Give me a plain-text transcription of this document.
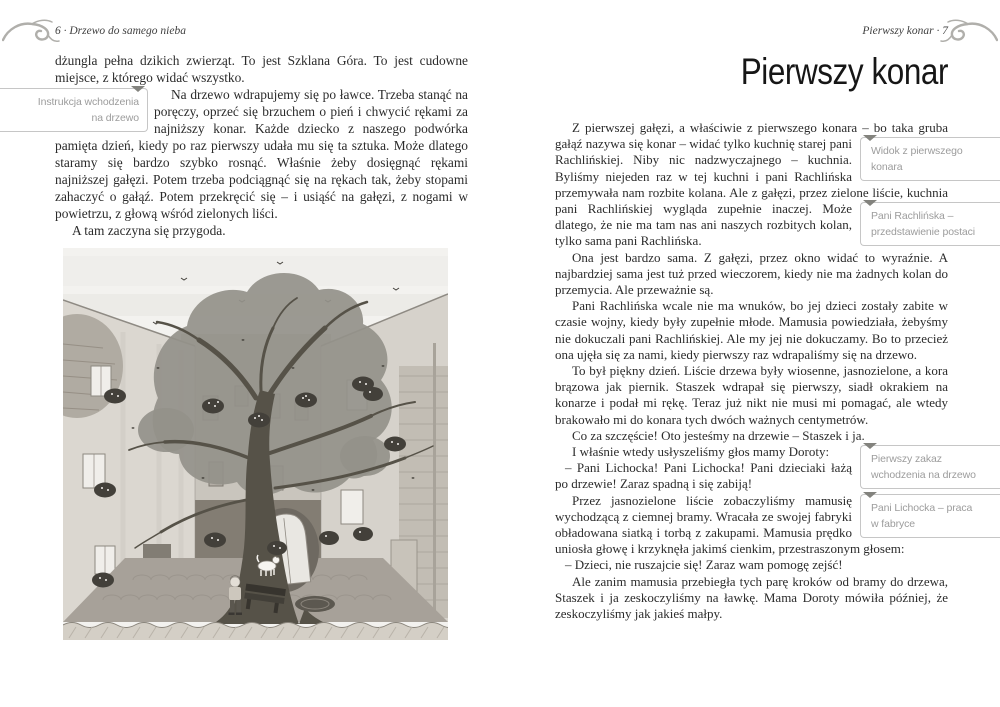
6 · Drzewo do samego nieba	Pierwszy konar · 7

dżungla pełna dzikich zwierząt. To jest Szklana Góra. To jest cudowne miejsce, z którego widać wszystko.

Instrukcja wchodzenia na drzewo
Na drzewo wdrapujemy się po ławce. Trzeba stanąć na poręczy, oprzeć się brzuchem o pień i chwycić rękami za najniższy konar. Każde dziecko z naszego podwórka pamięta dzień, kiedy po raz pierwszy udała mu się ta sztuka. Może dlatego staramy się bardzo szybko rosnąć. Właśnie żeby dosięgnąć rękami najniższej gałęzi. Potem trzeba podciągnąć się na rękach tak, żeby stopami zahaczyć o gałąź. Potem przekręcić się – i usiąść na gałęzi, z nogami w powietrzu, z głową wśród zielonych liści.

A tam zaczyna się przygoda.

Pierwszy konar

Z pierwszej gałęzi, a właściwie z pierwszego konara – bo taka gruba gałąź nazywa się konar – widać tylko kuchnię starej	Widok z pierwszego konara
pani Rachlińskiej. Niby nic nadzwyczajnego – kuchnia. Byliśmy niejeden raz w tej kuchni i pani Rachlińska przemywała nam rozbite kolana. Ale z gałęzi, przez zielone liście, kuchnia pani	Pani Rachlińska – przedstawienie postaci
Rachlińskiej wygląda zupełnie inaczej. Może dlatego, że nie ma tam nas ani naszych rozbitych kolan, tylko sama pani Rachlińska.

Ona jest bardzo sama. Z gałęzi, przez okno widać to wyraźnie. A najbardziej sama jest tuż przed wieczorem, kiedy nie ma żadnych kolan do przemycia. Ale przeważnie są.

Pani Rachlińska wcale nie ma wnuków, bo jej dzieci zostały zabite w czasie wojny, kiedy były zupełnie młode. Mamusia powiedziała, żebyśmy nie dokuczali pani Rachlińskiej. Ale my jej nie dokuczamy. Bo to przecież ona ujęła się za nami, kiedy pierwszy raz wdrapaliśmy się na drzewo.

To był piękny dzień. Liście drzewa były wiosenne, jasnozielone, a kora brązowa jak piernik. Staszek wdrapał się pierwszy, siadł okrakiem na konarze i podał mi rękę. Teraz już nikt nie musi mi pomagać, ale wtedy brakowało mi do konara tych dwóch ważnych centymetrów.

Co za szczęście! Oto jesteśmy na drzewie – Staszek i ja.

Pierwszy zakaz wchodzenia na drzewo
I właśnie wtedy usłyszeliśmy głos mamy Doroty:

– Pani Lichocka! Pani Lichocka! Pani dzieciaki łażą po drzewie! Zaraz spadną i się zabiją!

Pani Lichocka – praca w fabryce
Przez jasnozielone liście zobaczyliśmy mamusię wychodzącą z ciemnej bramy. Wracała ze swojej fabryki obładowana siatką i torbą z zakupami. Mamusia prędko uniosła głowę i krzyknęła jakimś cienkim, przestraszonym głosem:

– Dzieci, nie ruszajcie się! Zaraz wam pomogę zejść!

Ale zanim mamusia przebiegła tych parę kroków od bramy do drzewa, Staszek i ja zeskoczyliśmy na ławkę. Mama Doroty mówiła później, że zeskoczyliśmy jak jakieś małpy.
